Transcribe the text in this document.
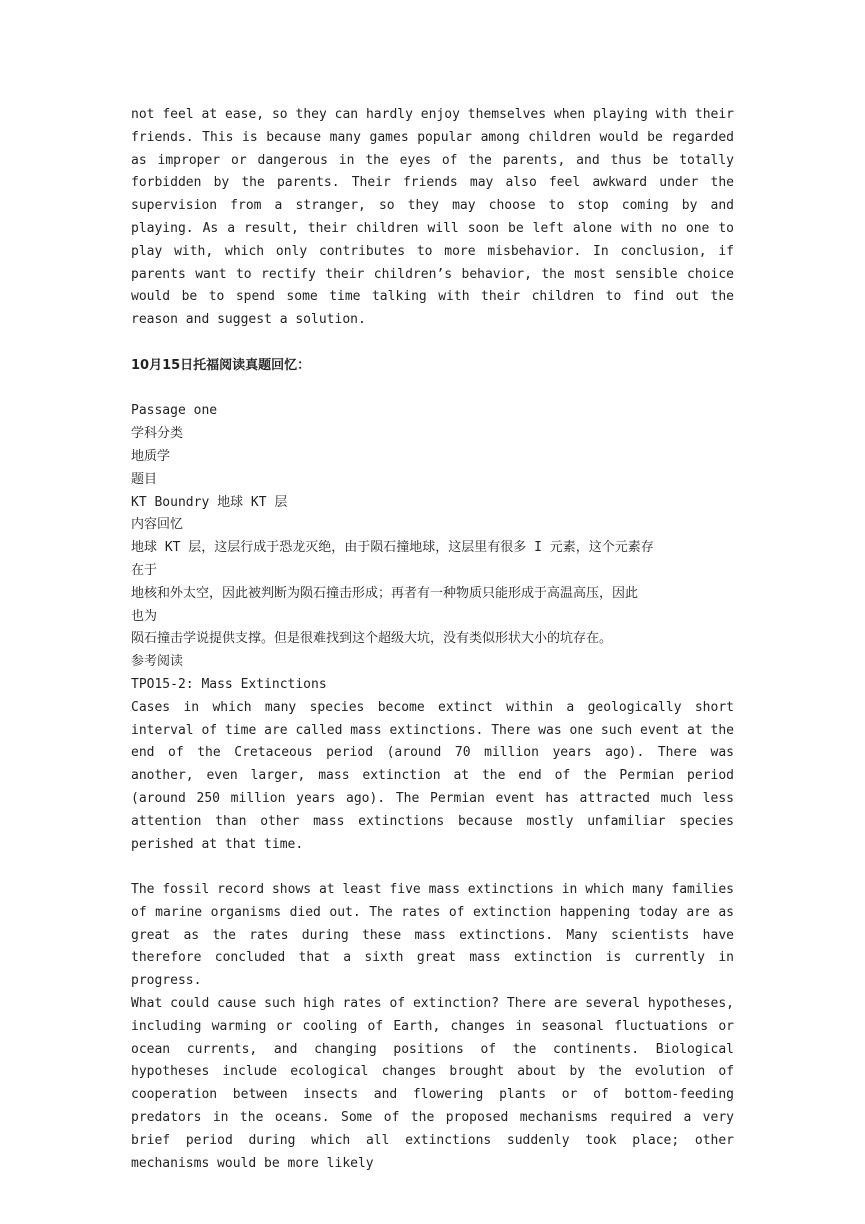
not feel at ease, so they can hardly enjoy themselves when playing with their friends. This is because many games popular among children would be regarded as improper or dangerous in the eyes of the parents, and thus be totally forbidden by the parents. Their friends may also feel awkward under the supervision from a stranger, so they may choose to stop coming by and playing. As a result, their children will soon be left alone with no one to play with, which only contributes to more misbehavior. In conclusion, if parents want to rectify their children’s behavior, the most sensible choice would be to spend some time talking with their children to find out the reason and suggest a solution.

10月15日托福阅读真题回忆：

Passage one
学科分类
地质学
题目
KT Boundry 地球 KT 层
内容回忆
地球 KT 层，这层行成于恐龙灭绝，由于陨石撞地球，这层里有很多 I 元素，这个元素存
在于
地核和外太空，因此被判断为陨石撞击形成；再者有一种物质只能形成于高温高压，因此
也为
陨石撞击学说提供支撑。但是很难找到这个超级大坑，没有类似形状大小的坑存在。
参考阅读
TPO15-2: Mass Extinctions

Cases in which many species become extinct within a geologically short interval of time are called mass extinctions. There was one such event at the end of the Cretaceous period (around 70 million years ago). There was another, even larger, mass extinction at the end of the Permian period (around 250 million years ago). The Permian event has attracted much less attention than other mass extinctions because mostly unfamiliar species perished at that time.

The fossil record shows at least five mass extinctions in which many families of marine organisms died out. The rates of extinction happening today are as great as the rates during these mass extinctions. Many scientists have therefore concluded that a sixth great mass extinction is currently in progress.

What could cause such high rates of extinction? There are several hypotheses, including warming or cooling of Earth, changes in seasonal fluctuations or ocean currents, and changing positions of the continents. Biological hypotheses include ecological changes brought about by the evolution of cooperation between insects and flowering plants or of bottom-feeding predators in the oceans. Some of the proposed mechanisms required a very brief period during which all extinctions suddenly took place; other mechanisms would be more likely
